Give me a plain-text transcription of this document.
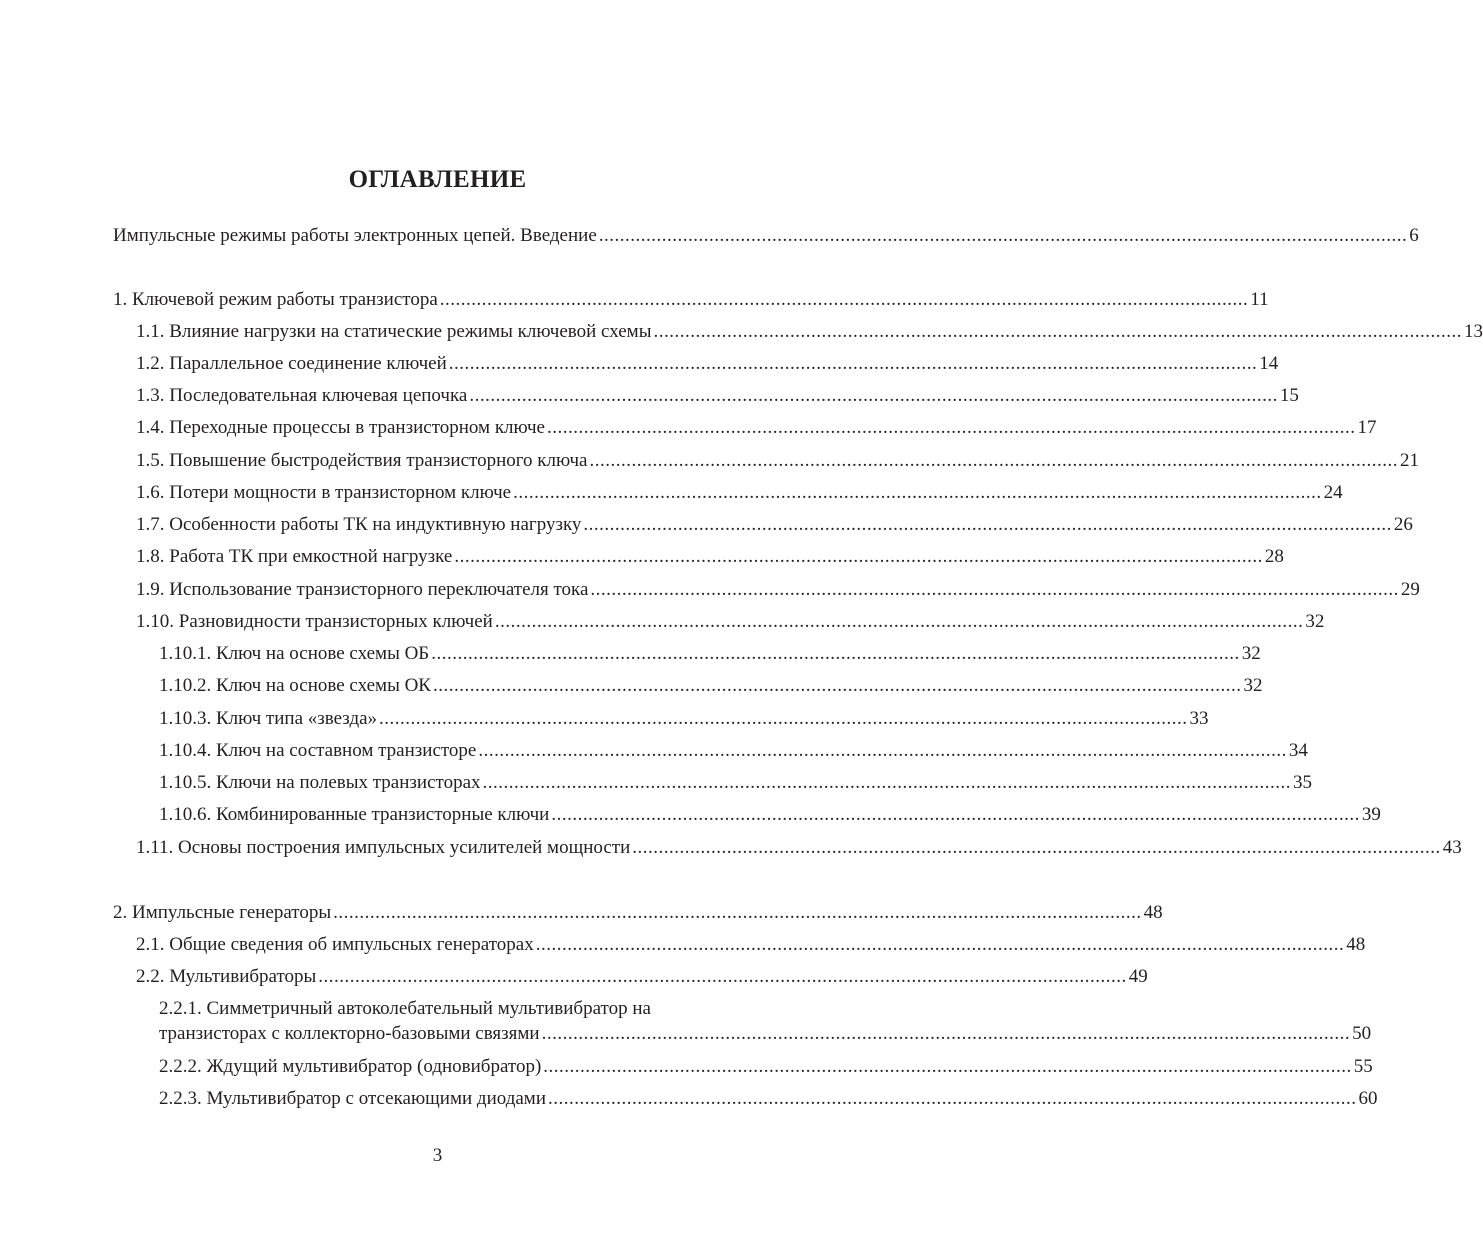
ОГЛАВЛЕНИЕ
Импульсные режимы работы электронных цепей. Введение .......................................................................................................................................................... 6
1. Ключевой режим работы транзистора .......................................................................................................................................................... 11
1.1. Влияние нагрузки на статические режимы ключевой схемы .......................................................................................................................................................... 13
1.2. Параллельное соединение ключей .......................................................................................................................................................... 14
1.3. Последовательная ключевая цепочка .......................................................................................................................................................... 15
1.4. Переходные процессы в транзисторном ключе .......................................................................................................................................................... 17
1.5. Повышение быстродействия транзисторного ключа .......................................................................................................................................................... 21
1.6. Потери мощности в транзисторном ключе .......................................................................................................................................................... 24
1.7. Особенности работы ТК на индуктивную нагрузку .......................................................................................................................................................... 26
1.8. Работа ТК при емкостной нагрузке .......................................................................................................................................................... 28
1.9. Использование транзисторного переключателя тока .......................................................................................................................................................... 29
1.10. Разновидности транзисторных ключей .......................................................................................................................................................... 32
1.10.1. Ключ на основе схемы ОБ .......................................................................................................................................................... 32
1.10.2. Ключ на основе схемы ОК .......................................................................................................................................................... 32
1.10.3. Ключ типа «звезда» .......................................................................................................................................................... 33
1.10.4. Ключ на составном транзисторе .......................................................................................................................................................... 34
1.10.5. Ключи на полевых транзисторах .......................................................................................................................................................... 35
1.10.6. Комбинированные транзисторные ключи .......................................................................................................................................................... 39
1.11. Основы построения импульсных усилителей мощности .......................................................................................................................................................... 43
2. Импульсные генераторы .......................................................................................................................................................... 48
2.1. Общие сведения об импульсных генераторах .......................................................................................................................................................... 48
2.2. Мультивибраторы .......................................................................................................................................................... 49
2.2.1. Симметричный автоколебательный мультивибратор на
транзисторах с коллекторно-базовыми связями .......................................................................................................................................................... 50
2.2.2. Ждущий мультивибратор (одновибратор) .......................................................................................................................................................... 55
2.2.3. Мультивибратор с отсекающими диодами .......................................................................................................................................................... 60
3
